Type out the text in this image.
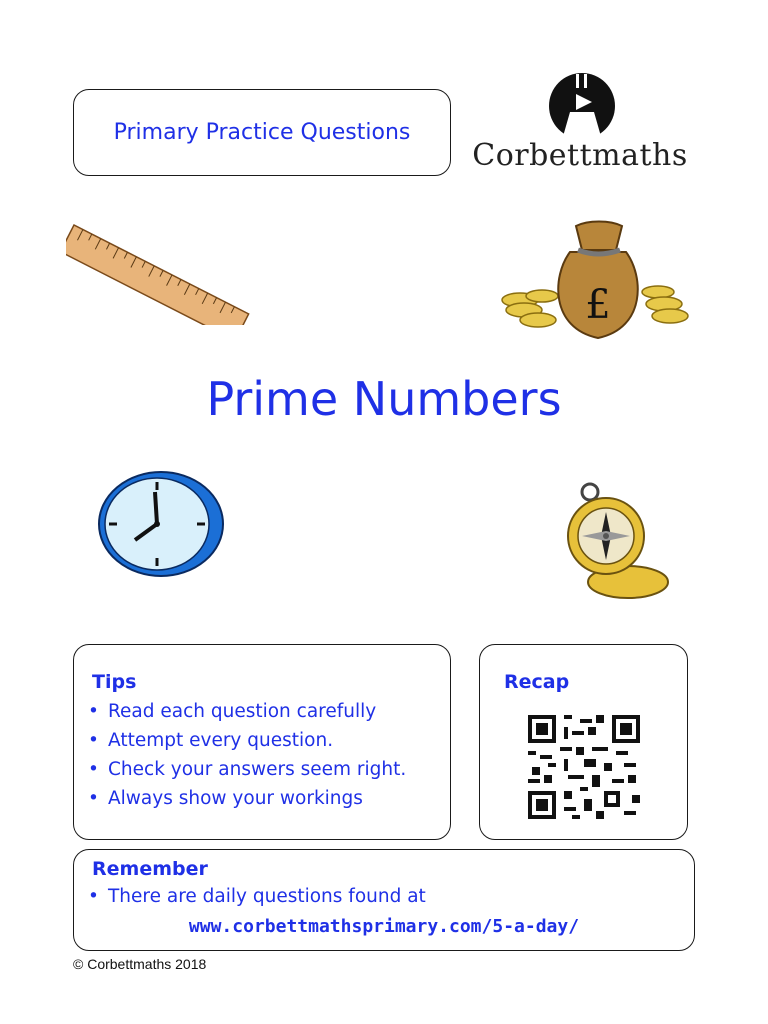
Primary Practice Questions
Corbettmaths
£
Prime Numbers
Tips
• Read each question carefully
• Attempt every question.
• Check your answers seem right.
• Always show your workings
Recap
Remember
• There are daily questions found at
www.corbettmathsprimary.com/5-a-day/
© Corbettmaths 2018
